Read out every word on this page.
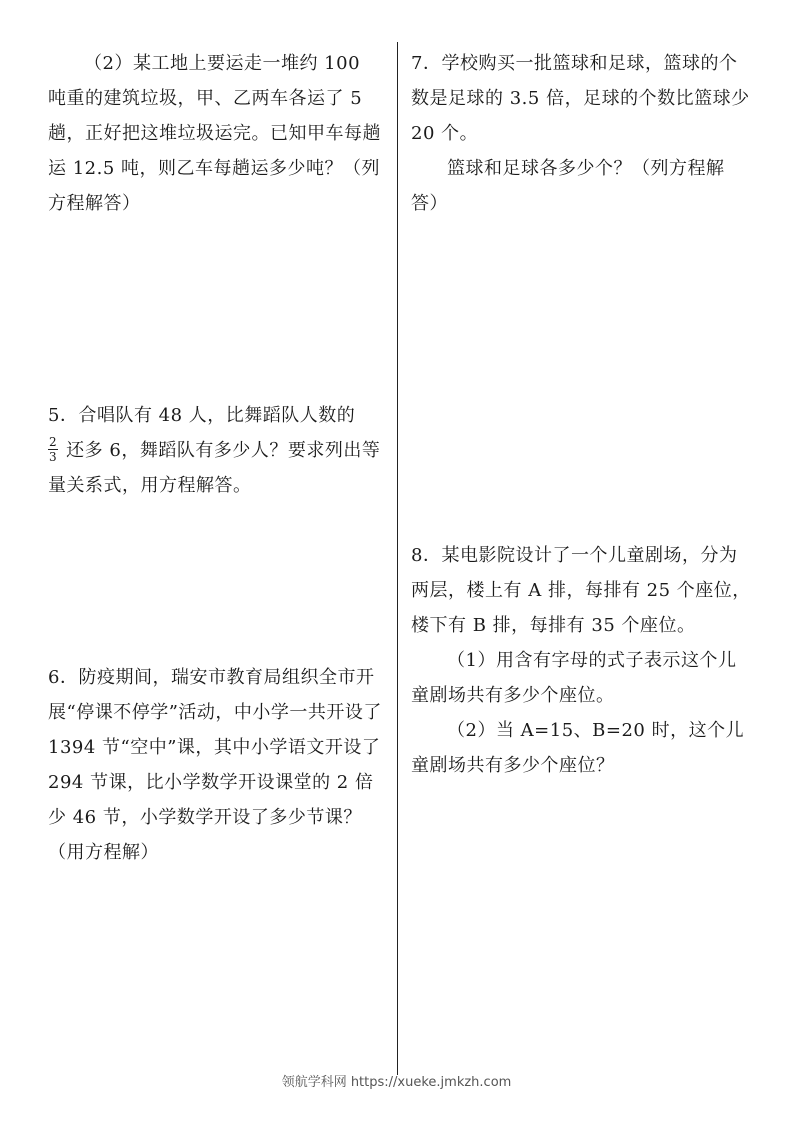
（2）某工地上要运走一堆约 100 吨重的建筑垃圾，甲、乙两车各运了 5 趟，正好把这堆垃圾运完。已知甲车每趟运 12.5 吨，则乙车每趟运多少吨？（列方程解答）

5．合唱队有 48 人，比舞蹈队人数的

$\frac{2}{3}$ 还多 6，舞蹈队有多少人？要求列出等量关系式，用方程解答。

6．防疫期间，瑞安市教育局组织全市开展“停课不停学”活动，中小学一共开设了 1394 节“空中”课，其中小学语文开设了 294 节课，比小学数学开设课堂的 2 倍少 46 节，小学数学开设了多少节课？（用方程解）

7．学校购买一批篮球和足球，篮球的个数是足球的 3.5 倍，足球的个数比篮球少 20 个。

篮球和足球各多少个？（列方程解答）

8．某电影院设计了一个儿童剧场，分为两层，楼上有 A 排，每排有 25 个座位，楼下有 B 排，每排有 35 个座位。

（1）用含有字母的式子表示这个儿童剧场共有多少个座位。

（2）当 A=15、B=20 时，这个儿童剧场共有多少个座位？

领航学科网 https://xueke.jmkzh.com
